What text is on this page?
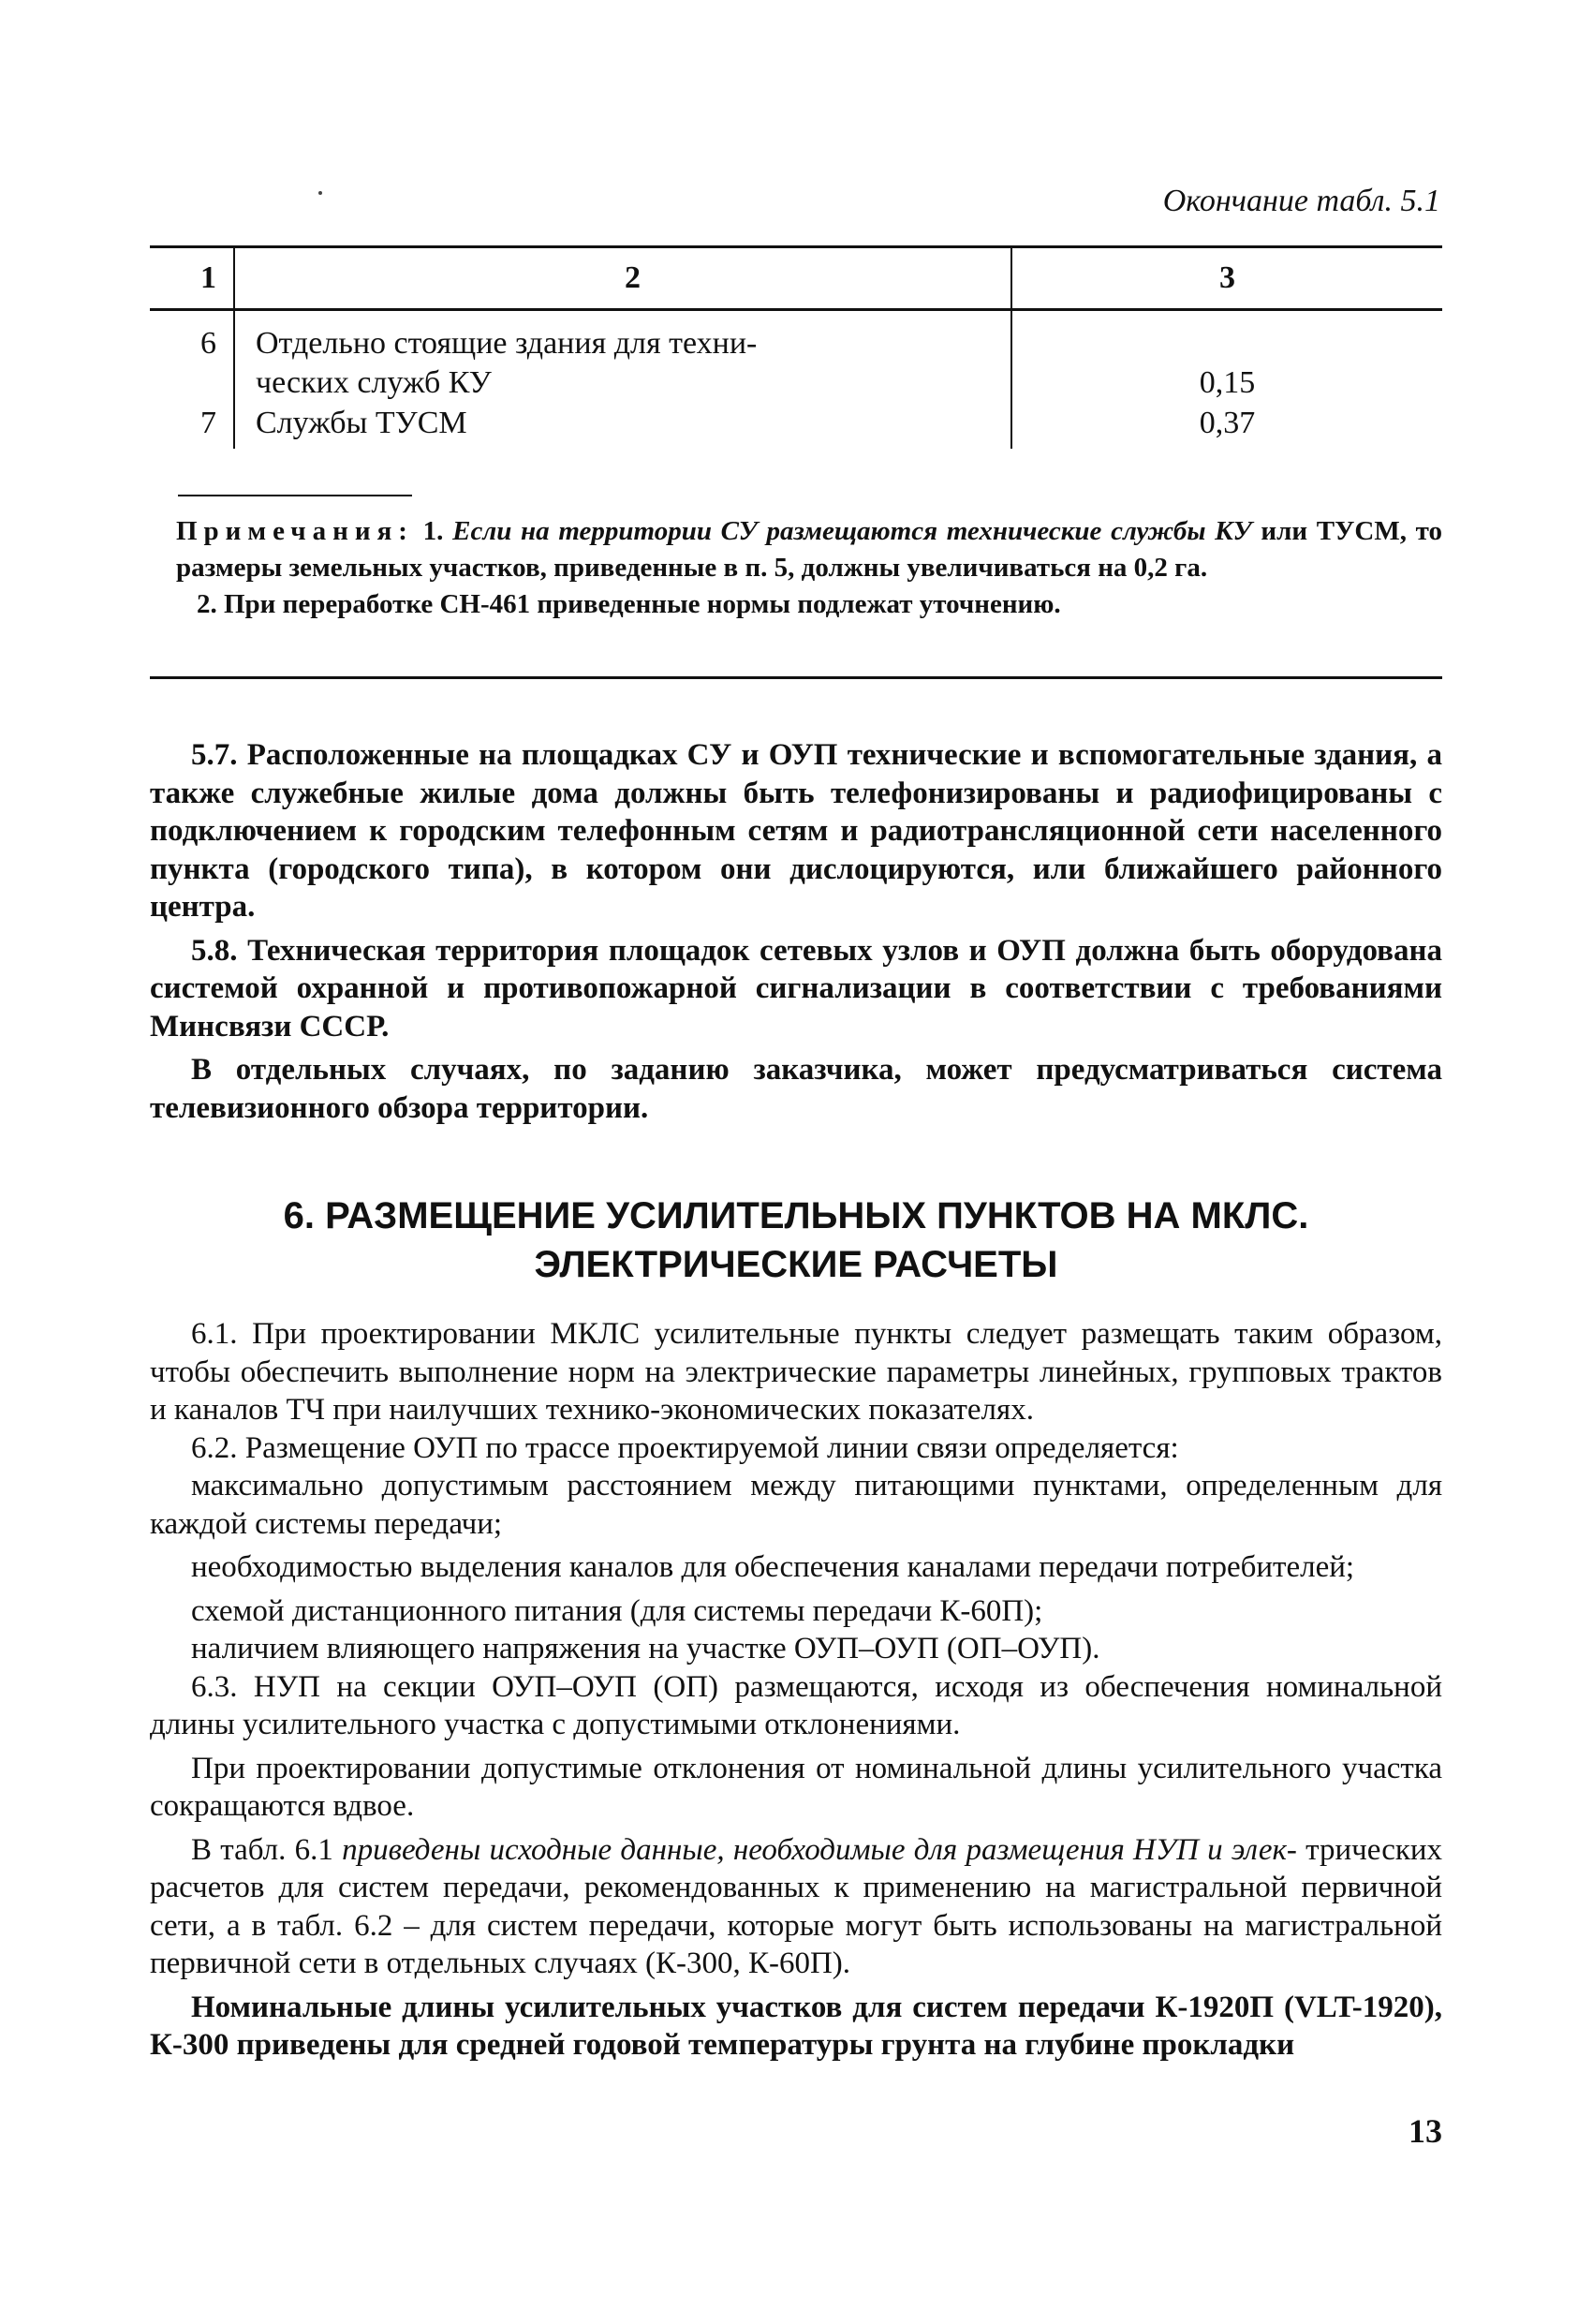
Окончание табл. 5.1
1	2	3
6	Отдельно стоящие здания для техни-
ческих служб КУ	0,15

7	Службы ТУСМ	0,37

Примечания: 1. Если на территории СУ размещаются технические службы КУ или ТУСМ, то размеры земельных участков, приведенные в п. 5, должны увеличиваться на 0,2 га.

2. При переработке СН-461 приведенные нормы подлежат уточнению.

5.7. Расположенные на площадках СУ и ОУП технические и вспомогательные здания, а также служебные жилые дома должны быть телефонизированы и радиофицированы с подключением к городским телефонным сетям и радиотрансляционной сети населенного пункта (городского типа), в котором они дислоцируются, или ближайшего районного центра.

5.8. Техническая территория площадок сетевых узлов и ОУП должна быть оборудована системой охранной и противопожарной сигнализации в соответствии с требованиями Минсвязи СССР.

В отдельных случаях, по заданию заказчика, может предусматриваться система телевизионного обзора территории.

6. РАЗМЕЩЕНИЕ УСИЛИТЕЛЬНЫХ ПУНКТОВ НА МКЛС.
ЭЛЕКТРИЧЕСКИЕ РАСЧЕТЫ

6.1. При проектировании МКЛС усилительные пункты следует размещать таким образом, чтобы обеспечить выполнение норм на электрические параметры линейных, групповых трактов и каналов ТЧ при наилучших технико-экономических показателях.

6.2. Размещение ОУП по трассе проектируемой линии связи определяется:

максимально допустимым расстоянием между питающими пунктами, определенным для каждой системы передачи;

необходимостью выделения каналов для обеспечения каналами передачи потребителей;

схемой дистанционного питания (для системы передачи К-60П);

наличием влияющего напряжения на участке ОУП–ОУП (ОП–ОУП).

6.3. НУП на секции ОУП–ОУП (ОП) размещаются, исходя из обеспечения номинальной длины усилительного участка с допустимыми отклонениями.

При проектировании допустимые отклонения от номинальной длины усилительного участка сокращаются вдвое.

В табл. 6.1 приведены исходные данные, необходимые для размещения НУП и элек- трических расчетов для систем передачи, рекомендованных к применению на магистральной первичной сети, а в табл. 6.2 – для систем передачи, которые могут быть использованы на магистральной первичной сети в отдельных случаях (К-300, К-60П).

Номинальные длины усилительных участков для систем передачи К-1920П (VLT-1920), К-300 приведены для средней годовой температуры грунта на глубине прокладки

13
